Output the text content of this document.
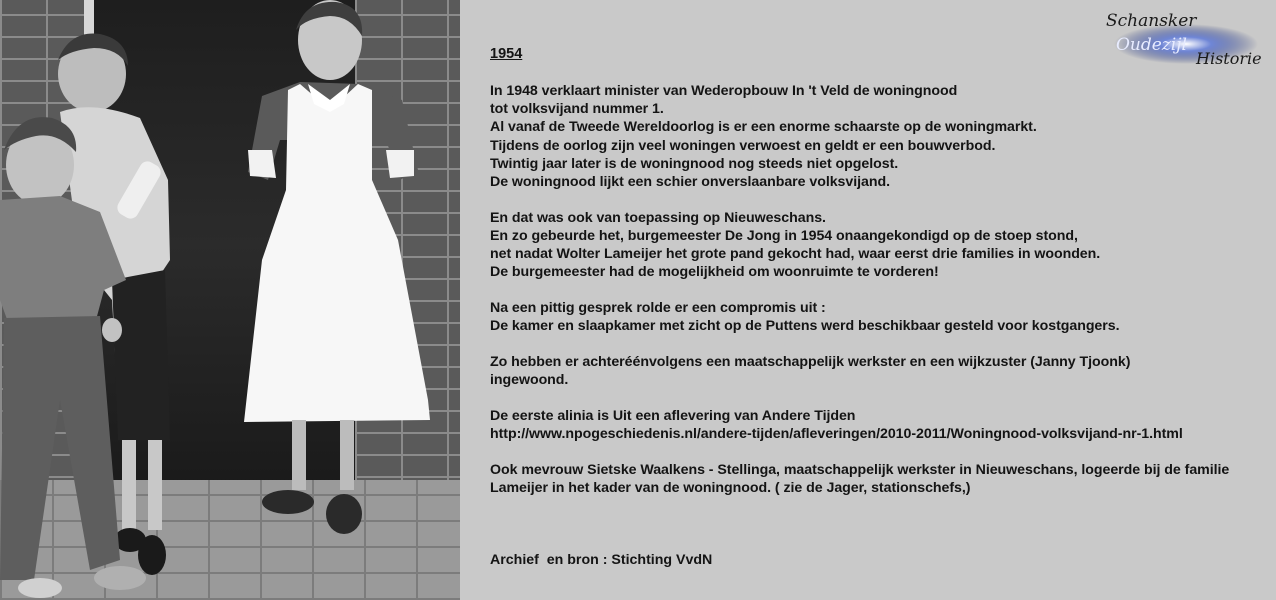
Schansker
Oudezijl
Historie
1954

In 1948 verklaart minister van Wederopbouw In 't Veld de woningnood
tot volksvijand nummer 1.
Al vanaf de Tweede Wereldoorlog is er een enorme schaarste op de woningmarkt.
Tijdens de oorlog zijn veel woningen verwoest en geldt er een bouwverbod.
Twintig jaar later is de woningnood nog steeds niet opgelost.
De woningnood lijkt een schier onverslaanbare volksvijand.

En dat was ook van toepassing op Nieuweschans.
En zo gebeurde het, burgemeester De Jong in 1954 onaangekondigd op de stoep stond,
net nadat Wolter Lameijer het grote pand gekocht had, waar eerst drie families in woonden.
De burgemeester had de mogelijkheid om woonruimte te vorderen!

Na een pittig gesprek rolde er een compromis uit :
De kamer en slaapkamer met zicht op de Puttens werd beschikbaar gesteld voor kostgangers.

Zo hebben er achteréénvolgens een maatschappelijk werkster en een wijkzuster (Janny Tjoonk)
ingewoond.

De eerste alinia is Uit een aflevering van Andere Tijden
http://www.npogeschiedenis.nl/andere-tijden/afleveringen/2010-2011/Woningnood-volksvijand-nr-1.html

Ook mevrouw Sietske Waalkens - Stellinga, maatschappelijk werkster in Nieuweschans, logeerde bij de familie
Lameijer in het kader van de woningnood. ( zie de Jager, stationschefs,)

Archief  en bron : Stichting VvdN
